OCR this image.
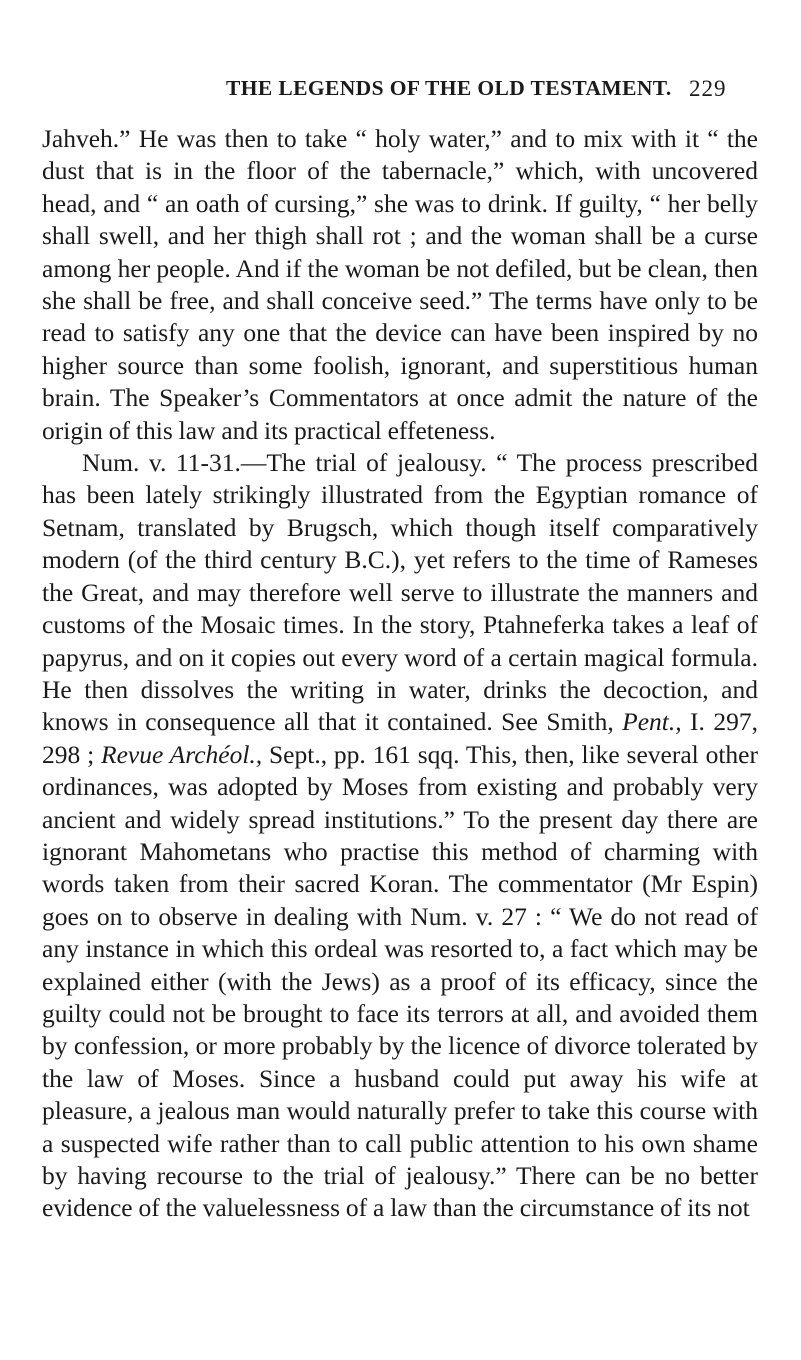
THE LEGENDS OF THE OLD TESTAMENT. 229

Jahveh.” He was then to take “ holy water,” and to mix with it “ the dust that is in the floor of the tabernacle,” which, with uncovered head, and “ an oath of cursing,” she was to drink. If guilty, “ her belly shall swell, and her thigh shall rot ; and the woman shall be a curse among her people. And if the woman be not defiled, but be clean, then she shall be free, and shall conceive seed.” The terms have only to be read to satisfy any one that the device can have been inspired by no higher source than some foolish, ignorant, and superstitious human brain. The Speaker’s Commentators at once admit the nature of the origin of this law and its practical effeteness.

Num. v. 11-31.—The trial of jealousy. “ The process prescribed has been lately strikingly illustrated from the Egyptian romance of Setnam, translated by Brugsch, which though itself comparatively modern (of the third century B.C.), yet refers to the time of Rameses the Great, and may therefore well serve to illustrate the manners and customs of the Mosaic times. In the story, Ptahneferka takes a leaf of papyrus, and on it copies out every word of a certain magical formula. He then dissolves the writing in water, drinks the decoction, and knows in consequence all that it contained. See Smith, Pent., I. 297, 298 ; Revue Archéol., Sept., pp. 161 sqq. This, then, like several other ordinances, was adopted by Moses from existing and probably very ancient and widely spread institutions.” To the present day there are ignorant Mahometans who practise this method of charming with words taken from their sacred Koran. The commentator (Mr Espin) goes on to observe in dealing with Num. v. 27 : “ We do not read of any instance in which this ordeal was resorted to, a fact which may be explained either (with the Jews) as a proof of its efficacy, since the guilty could not be brought to face its terrors at all, and avoided them by confession, or more probably by the licence of divorce tolerated by the law of Moses. Since a husband could put away his wife at pleasure, a jealous man would naturally prefer to take this course with a suspected wife rather than to call public attention to his own shame by having recourse to the trial of jealousy.” There can be no better evidence of the valuelessness of a law than the circumstance of its not
